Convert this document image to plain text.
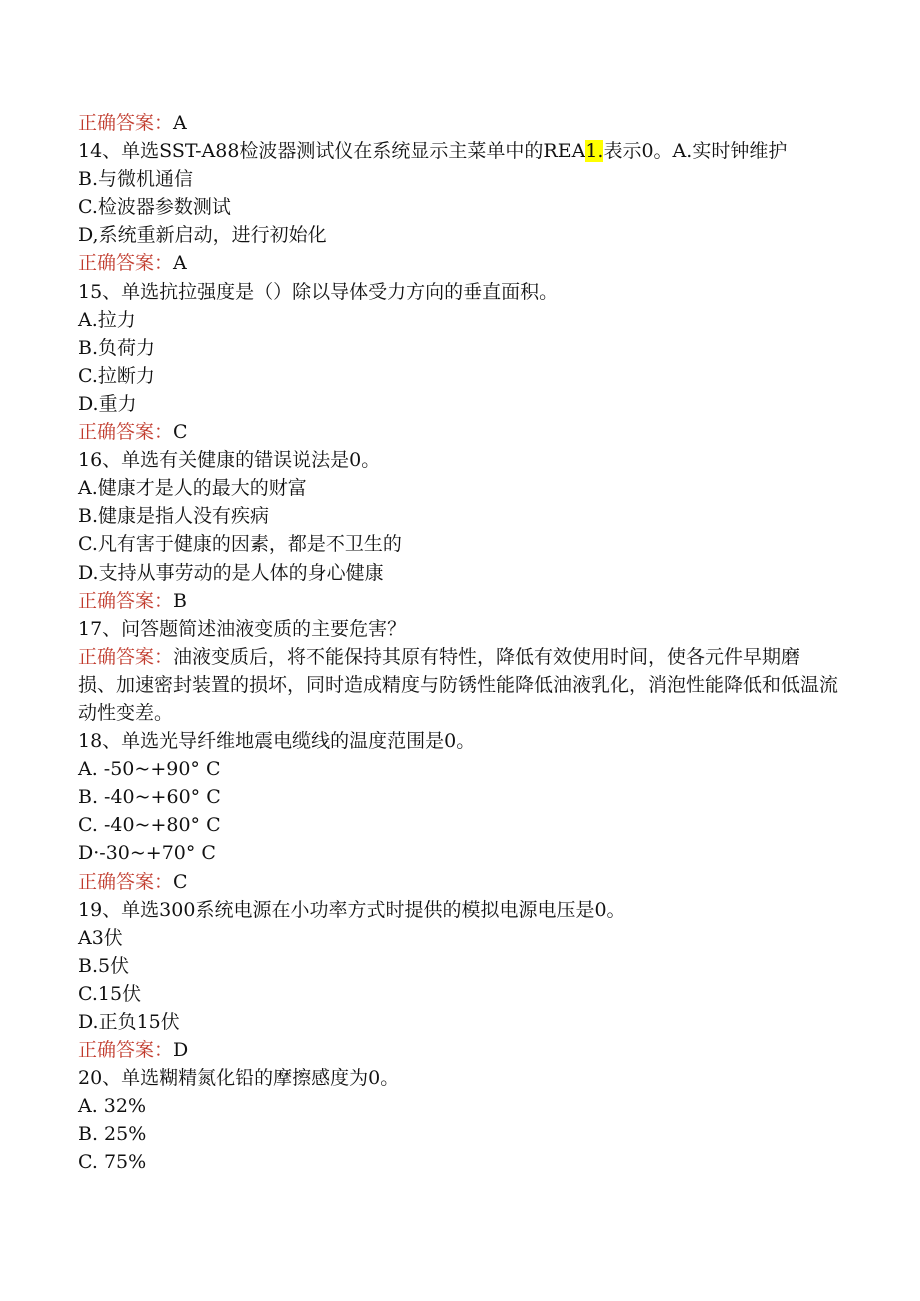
正确答案：A
14、单选SST-A88检波器测试仪在系统显示主菜单中的REA1.表示0。A.实时钟维护
B.与微机通信
C.检波器参数测试
D,系统重新启动，进行初始化
正确答案：A
15、单选抗拉强度是（）除以导体受力方向的垂直面积。
A.拉力
B.负荷力
C.拉断力
D.重力
正确答案：C
16、单选有关健康的错误说法是0。
A.健康才是人的最大的财富
B.健康是指人没有疾病
C.凡有害于健康的因素，都是不卫生的
D.支持从事劳动的是人体的身心健康
正确答案：B
17、问答题简述油液变质的主要危害？
正确答案：油液变质后，将不能保持其原有特性，降低有效使用时间，使各元件早期磨损、加速密封装置的损坏，同时造成精度与防锈性能降低油液乳化，消泡性能降低和低温流动性变差。
18、单选光导纤维地震电缆线的温度范围是0。
A. -50~+90° C
B. -40~+60° C
C. -40~+80° C
D·-30~+70° C
正确答案：C
19、单选300系统电源在小功率方式时提供的模拟电源电压是0。
A3伏
B.5伏
C.15伏
D.正负15伏
正确答案：D
20、单选糊精氮化铅的摩擦感度为0。
A. 32%
B. 25%
C. 75%
